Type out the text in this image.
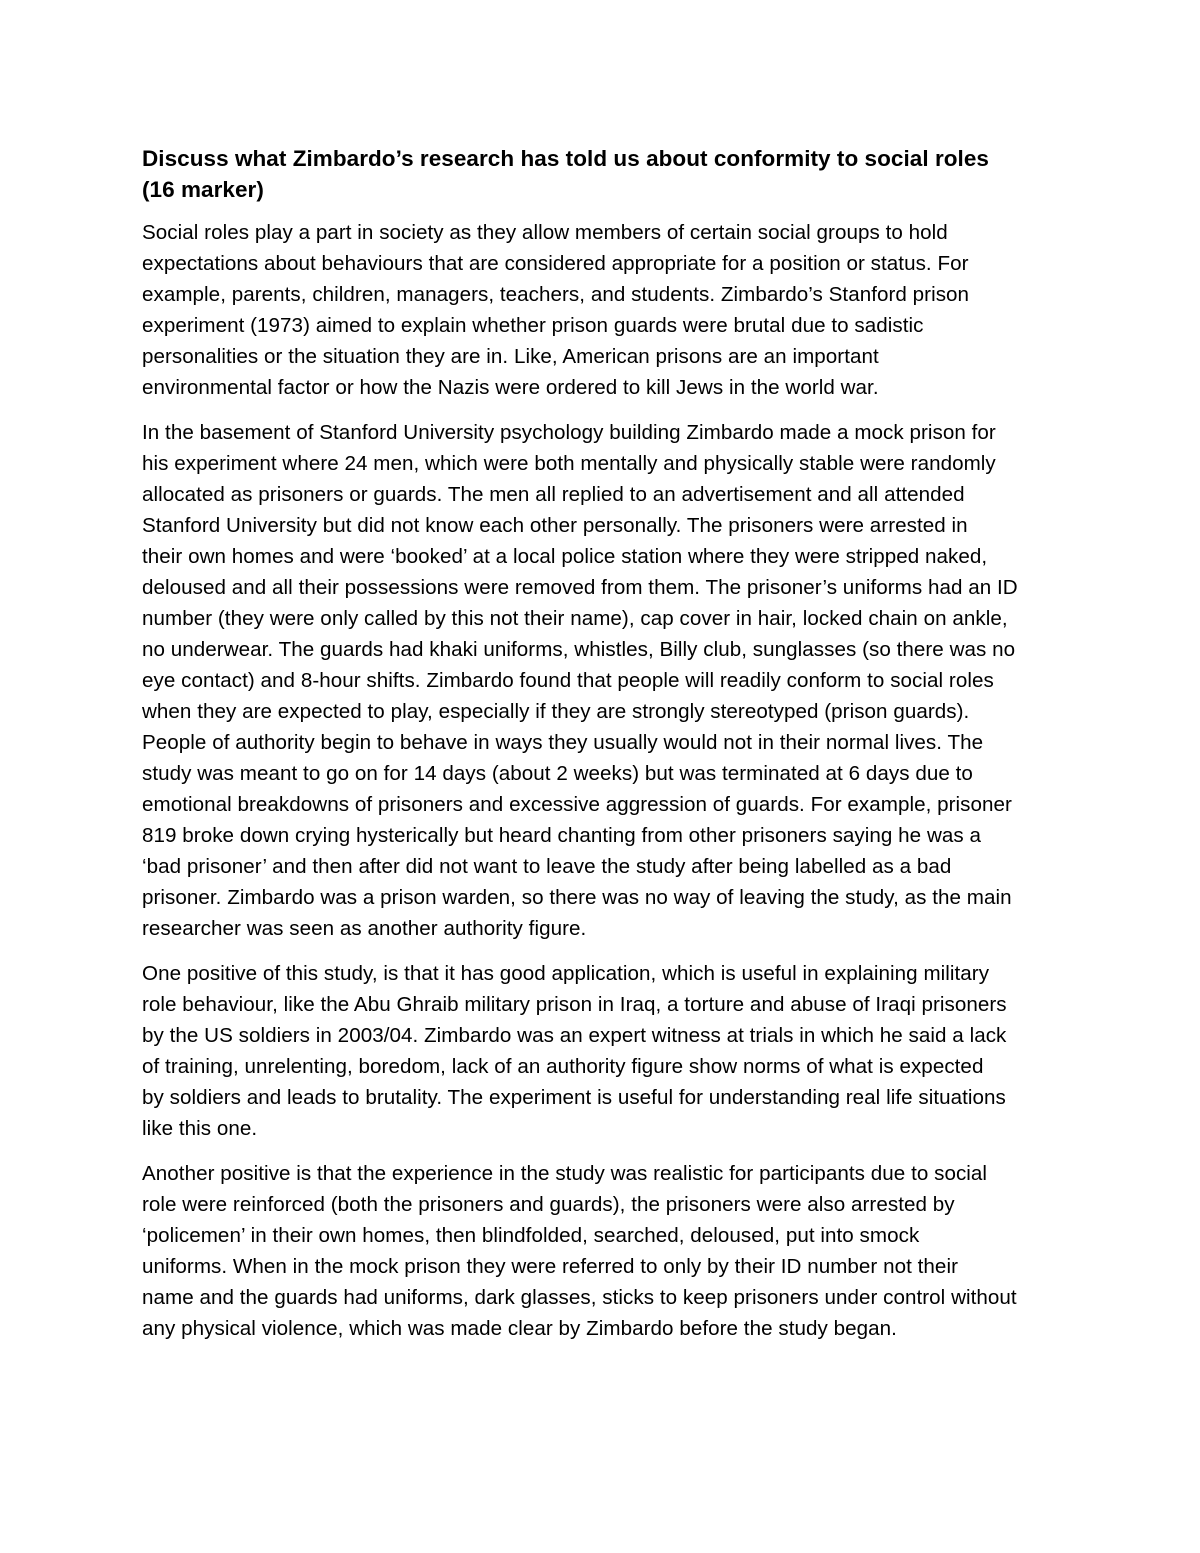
Discuss what Zimbardo’s research has told us about conformity to social roles
(16 marker)
Social roles play a part in society as they allow members of certain social groups to hold
expectations about behaviours that are considered appropriate for a position or status. For
example, parents, children, managers, teachers, and students. Zimbardo’s Stanford prison
experiment (1973) aimed to explain whether prison guards were brutal due to sadistic
personalities or the situation they are in. Like, American prisons are an important
environmental factor or how the Nazis were ordered to kill Jews in the world war.
In the basement of Stanford University psychology building Zimbardo made a mock prison for
his experiment where 24 men, which were both mentally and physically stable were randomly
allocated as prisoners or guards. The men all replied to an advertisement and all attended
Stanford University but did not know each other personally. The prisoners were arrested in
their own homes and were ‘booked’ at a local police station where they were stripped naked,
deloused and all their possessions were removed from them. The prisoner’s uniforms had an ID
number (they were only called by this not their name), cap cover in hair, locked chain on ankle,
no underwear. The guards had khaki uniforms, whistles, Billy club, sunglasses (so there was no
eye contact) and 8-hour shifts. Zimbardo found that people will readily conform to social roles
when they are expected to play, especially if they are strongly stereotyped (prison guards).
People of authority begin to behave in ways they usually would not in their normal lives. The
study was meant to go on for 14 days (about 2 weeks) but was terminated at 6 days due to
emotional breakdowns of prisoners and excessive aggression of guards. For example, prisoner
819 broke down crying hysterically but heard chanting from other prisoners saying he was a
‘bad prisoner’ and then after did not want to leave the study after being labelled as a bad
prisoner. Zimbardo was a prison warden, so there was no way of leaving the study, as the main
researcher was seen as another authority figure.
One positive of this study, is that it has good application, which is useful in explaining military
role behaviour, like the Abu Ghraib military prison in Iraq, a torture and abuse of Iraqi prisoners
by the US soldiers in 2003/04. Zimbardo was an expert witness at trials in which he said a lack
of training, unrelenting, boredom, lack of an authority figure show norms of what is expected
by soldiers and leads to brutality. The experiment is useful for understanding real life situations
like this one.
Another positive is that the experience in the study was realistic for participants due to social
role were reinforced (both the prisoners and guards), the prisoners were also arrested by
‘policemen’ in their own homes, then blindfolded, searched, deloused, put into smock
uniforms. When in the mock prison they were referred to only by their ID number not their
name and the guards had uniforms, dark glasses, sticks to keep prisoners under control without
any physical violence, which was made clear by Zimbardo before the study began.
